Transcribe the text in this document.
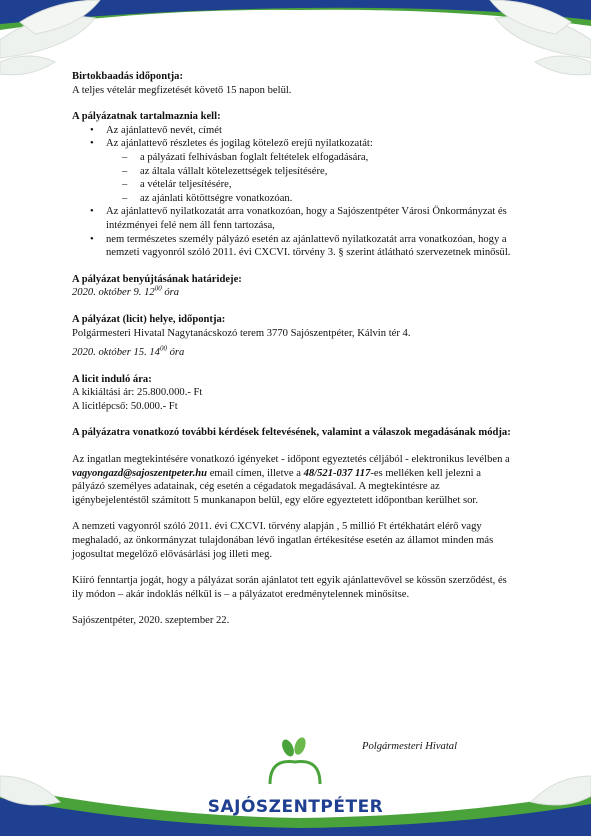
Birtokbaadás időpontja:
A teljes vételár megfizetését követő 15 napon belül.
A pályázatnak tartalmaznia kell:
• Az ajánlattevő nevét, címét
• Az ajánlattevő részletes és jogilag kötelező erejű nyilatkozatát:
– a pályázati felhívásban foglalt feltételek elfogadására,
– az általa vállalt kötelezettségek teljesítésére,
– a vételár teljesítésére,
– az ajánlati kötöttségre vonatkozóan.
• Az ajánlattevő nyilatkozatát arra vonatkozóan, hogy a Sajószentpéter Városi Önkormányzat és intézményei felé nem áll fenn tartozása,
• nem természetes személy pályázó esetén az ajánlattevő nyilatkozatát arra vonatkozóan, hogy a nemzeti vagyonról szóló 2011. évi CXCVI. törvény 3. § szerint átlátható szervezetnek minősül.
A pályázat benyújtásának határideje:
2020. október 9. $12^{00}$ óra
A pályázat (licit) helye, időpontja:
Polgármesteri Hivatal Nagytanácskozó terem 3770 Sajószentpéter, Kálvin tér 4.
2020. október 15. $14^{00}$ óra
A licit induló ára:
A kikiáltási ár: 25.800.000.- Ft
A licitlépcső: 50.000.- Ft
A pályázatra vonatkozó további kérdések feltevésének, valamint a válaszok megadásának módja:
Az ingatlan megtekintésére vonatkozó igényeket - időpont egyeztetés céljából - elektronikus levélben a vagyongazd@sajoszentpeter.hu email címen, illetve a 48/521-037 117-es melléken kell jelezni a pályázó személyes adatainak, cég esetén a cégadatok megadásával. A megtekintésre az igénybejelentéstől számított 5 munkanapon belül, egy előre egyeztetett időpontban kerülhet sor.
A nemzeti vagyonról szóló 2011. évi CXCVI. törvény alapján , 5 millió Ft értékhatárt elérő vagy meghaladó, az önkormányzat tulajdonában lévő ingatlan értékesítése esetén az államot minden más jogosultat megelőző elővásárlási jog illeti meg.
Kiíró fenntartja jogát, hogy a pályázat során ajánlatot tett egyik ajánlattevővel se kössön szerződést, és ily módon – akár indoklás nélkül is – a pályázatot eredménytelennek minősítse.
Sajószentpéter, 2020. szeptember 22.
Polgármesteri Hivatal
SAJÓSZENTPÉTER
